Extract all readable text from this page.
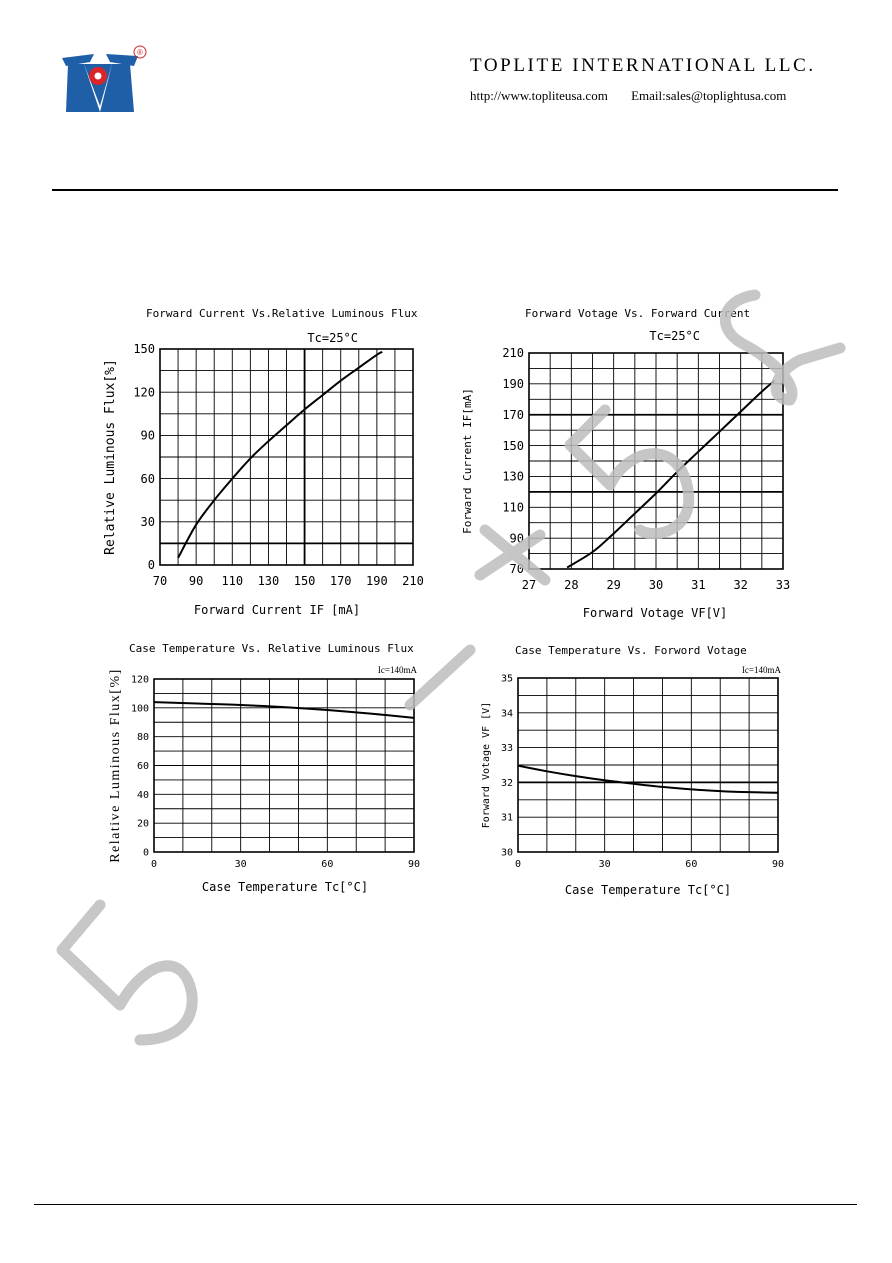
®
TOPLITE INTERNATIONAL LLC.
http://www.topliteusa.com Email:sales@toplightusa.com
70 90 110 130 150 170 190 210
0
30
60
90
120
150
Forward Current Vs.Relative Luminous Flux
Tc=25°C
Forward Current IF [mA]
Relative Luminous Flux[%]
27 28 29 30 31 32 33
70
90
110
130
150
170
190
210
Forward Votage Vs. Forward Current
Tc=25°C
Forward Votage VF[V]
Forward Current IF[mA]
0	30	60	90
0
20
40
60
80
100
120
Case Temperature Vs. Relative Luminous Flux
Ic=140mA
Case Temperature Tc[°C]
Relative Luminous Flux[%]
0	30	60	90
30
31
32
33
34
35
Case Temperature Vs. Forword Votage
Ic=140mA
Case Temperature Tc[°C]
Forward Votage VF [V]
